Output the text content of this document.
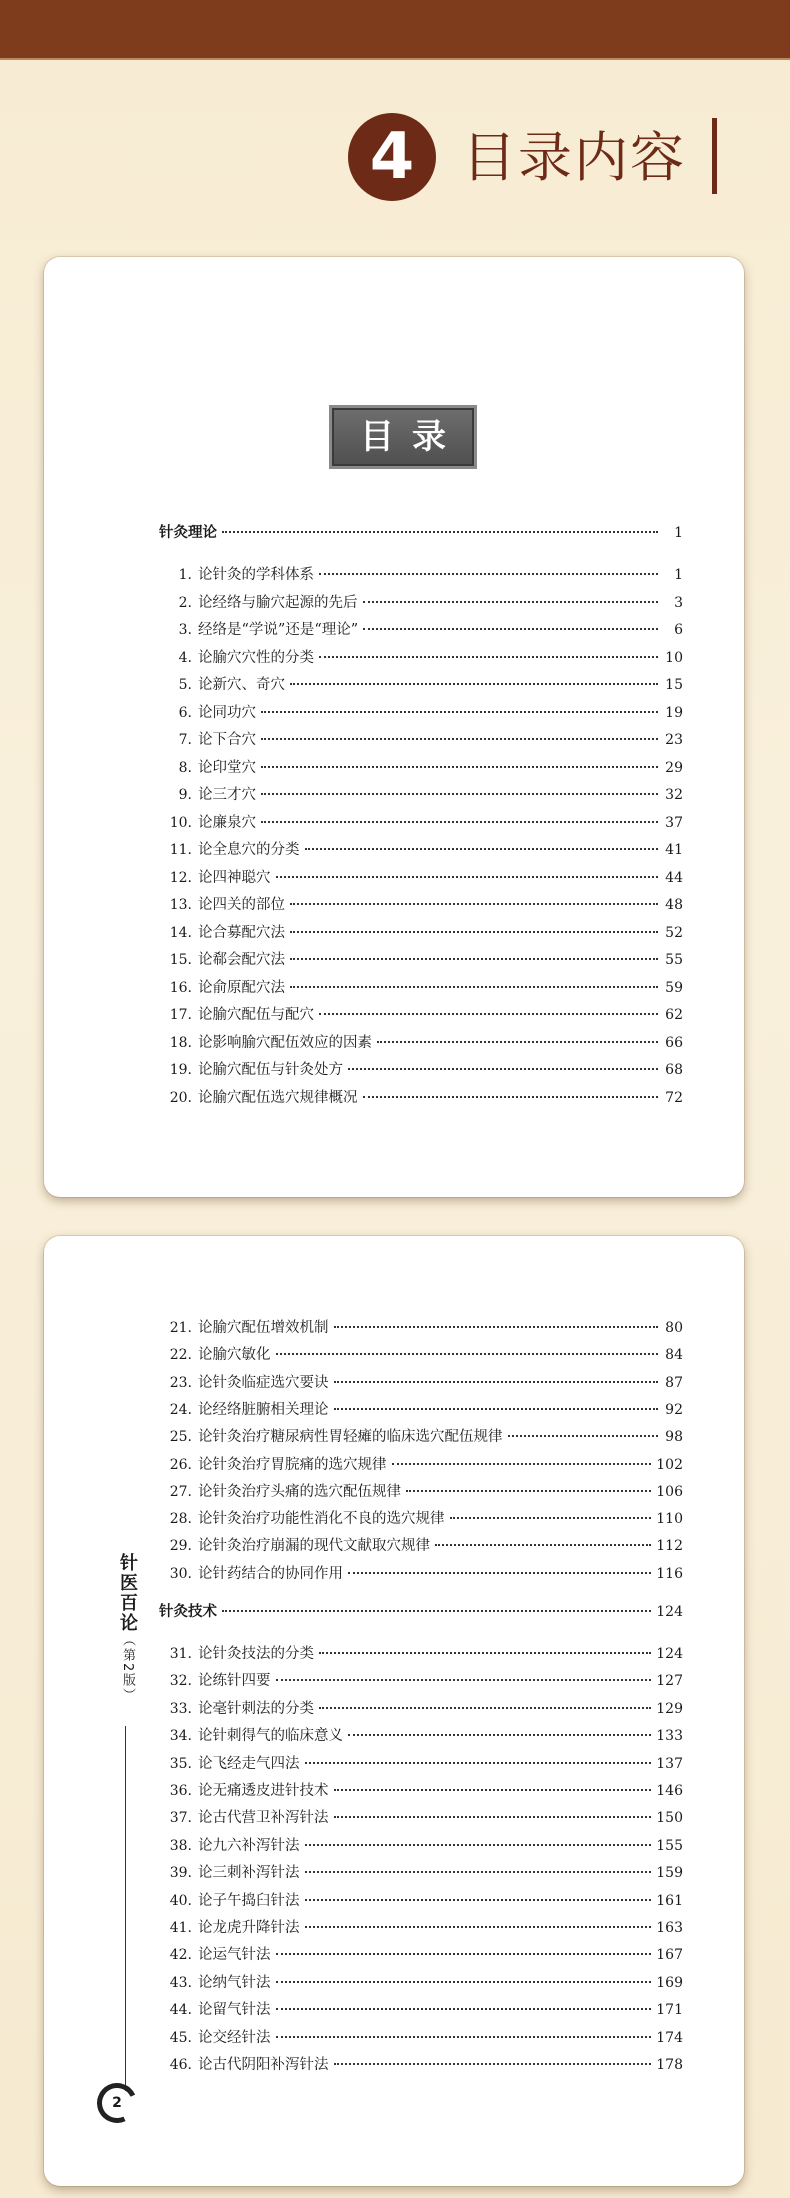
4 目录内容
目录
针灸理论	1
1. 论针灸的学科体系	1
2. 论经络与腧穴起源的先后	3
3. 经络是“学说”还是“理论”	6
4. 论腧穴穴性的分类	10
5. 论新穴、奇穴	15
6. 论同功穴	19
7. 论下合穴	23
8. 论印堂穴	29
9. 论三才穴	32
10. 论廉泉穴	37
11. 论全息穴的分类	41
12. 论四神聪穴	44
13. 论四关的部位	48
14. 论合募配穴法	52
15. 论郗会配穴法	55
16. 论俞原配穴法	59
17. 论腧穴配伍与配穴	62
18. 论影响腧穴配伍效应的因素	66
19. 论腧穴配伍与针灸处方	68
20. 论腧穴配伍选穴规律概况	72
针医百论（第2版）
2
21. 论腧穴配伍增效机制	80
22. 论腧穴敏化	84
23. 论针灸临症选穴要诀	87
24. 论经络脏腑相关理论	92
25. 论针灸治疗糖尿病性胃轻瘫的临床选穴配伍规律	98
26. 论针灸治疗胃脘痛的选穴规律	102
27. 论针灸治疗头痛的选穴配伍规律	106
28. 论针灸治疗功能性消化不良的选穴规律	110
29. 论针灸治疗崩漏的现代文献取穴规律	112
30. 论针药结合的协同作用	116
针灸技术	124
31. 论针灸技法的分类	124
32. 论练针四要	127
33. 论毫针刺法的分类	129
34. 论针刺得气的临床意义	133
35. 论飞经走气四法	137
36. 论无痛透皮进针技术	146
37. 论古代营卫补泻针法	150
38. 论九六补泻针法	155
39. 论三刺补泻针法	159
40. 论子午捣臼针法	161
41. 论龙虎升降针法	163
42. 论运气针法	167
43. 论纳气针法	169
44. 论留气针法	171
45. 论交经针法	174
46. 论古代阴阳补泻针法	178
